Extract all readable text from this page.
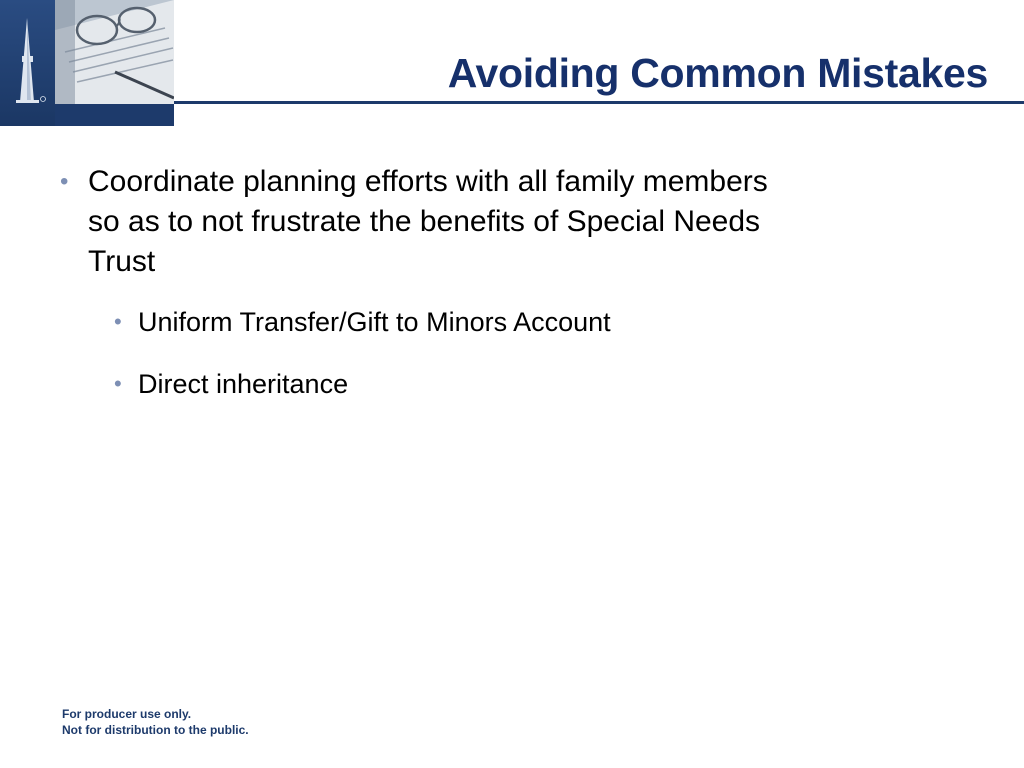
Avoiding Common Mistakes

• Coordinate planning efforts with all family members so as to not frustrate the benefits of Special Needs Trust

• Uniform Transfer/Gift to Minors Account

• Direct inheritance

For producer use only.
Not for distribution to the public.
